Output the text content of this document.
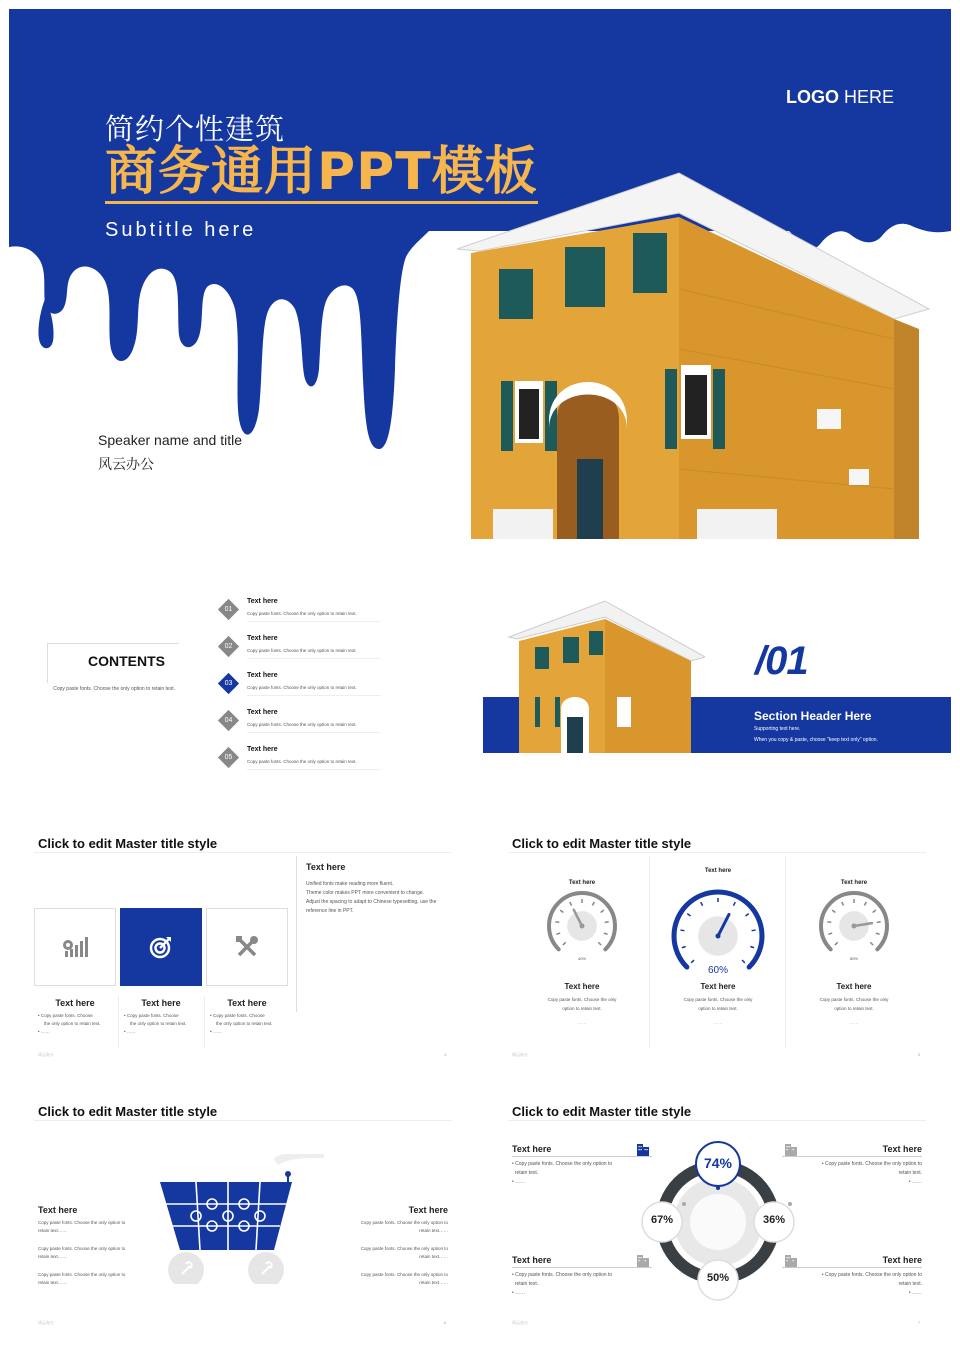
简约个性建筑
商务通用PPT模板
Subtitle here
LOGO HERE
Speaker name and title
风云办公
CONTENTS
Copy paste fonts. Choose the only option to retain text.
01
Text here
Copy paste fonts. Choose the only option to retain text.
02
Text here
Copy paste fonts. Choose the only option to retain text.
03
Text here
Copy paste fonts. Choose the only option to retain text.
04
Text here
Copy paste fonts. Choose the only option to retain text.
05
Text here
Copy paste fonts. Choose the only option to retain text.
/01
Section Header Here
Supporting text here.
When you copy & paste, choose "keep text only" option.
Click to edit Master title style
Text here
Unified fonts make reading more fluent.
Theme color makes PPT more convenient to change.
Adjust the spacing to adapt to Chinese typesetting, use the
reference line in PPT.
Text here
• Copy paste fonts. Choose
the only option to retain text.
• ……
Text here
• Copy paste fonts. Choose
the only option to retain text.
• ……
Text here
• Copy paste fonts. Choose
the only option to retain text.
• ……
风云办公	4
Click to edit Master title style
Text here
40%
Text here
Copy paste fonts. Choose the only
option to retain text.
……
Text here
60%
Text here
Copy paste fonts. Choose the only
option to retain text.
……
Text here
80%
Text here
Copy paste fonts. Choose the only
option to retain text.
……
风云办公	5
Click to edit Master title style
Text here	Text here
Copy paste fonts. Choose the only option to
retain text……
Copy paste fonts. Choose the only option to
retain text……
Copy paste fonts. Choose the only option to
retain text……
Copy paste fonts. Choose the only option to
retain text……
Copy paste fonts. Choose the only option to
retain text……
Copy paste fonts. Choose the only option to
retain text……
风云办公	6
Click to edit Master title style
Text here
• Copy paste fonts. Choose the only option to
retain text.
• ……
Text here
• Copy paste fonts. Choose the only option to
retain text.
• ……
Text here
• Copy paste fonts. Choose the only option to
retain text.
• ……
Text here
• Copy paste fonts. Choose the only option to
retain text.
• ……
74%
67%	36%
50%
风云办公	7
